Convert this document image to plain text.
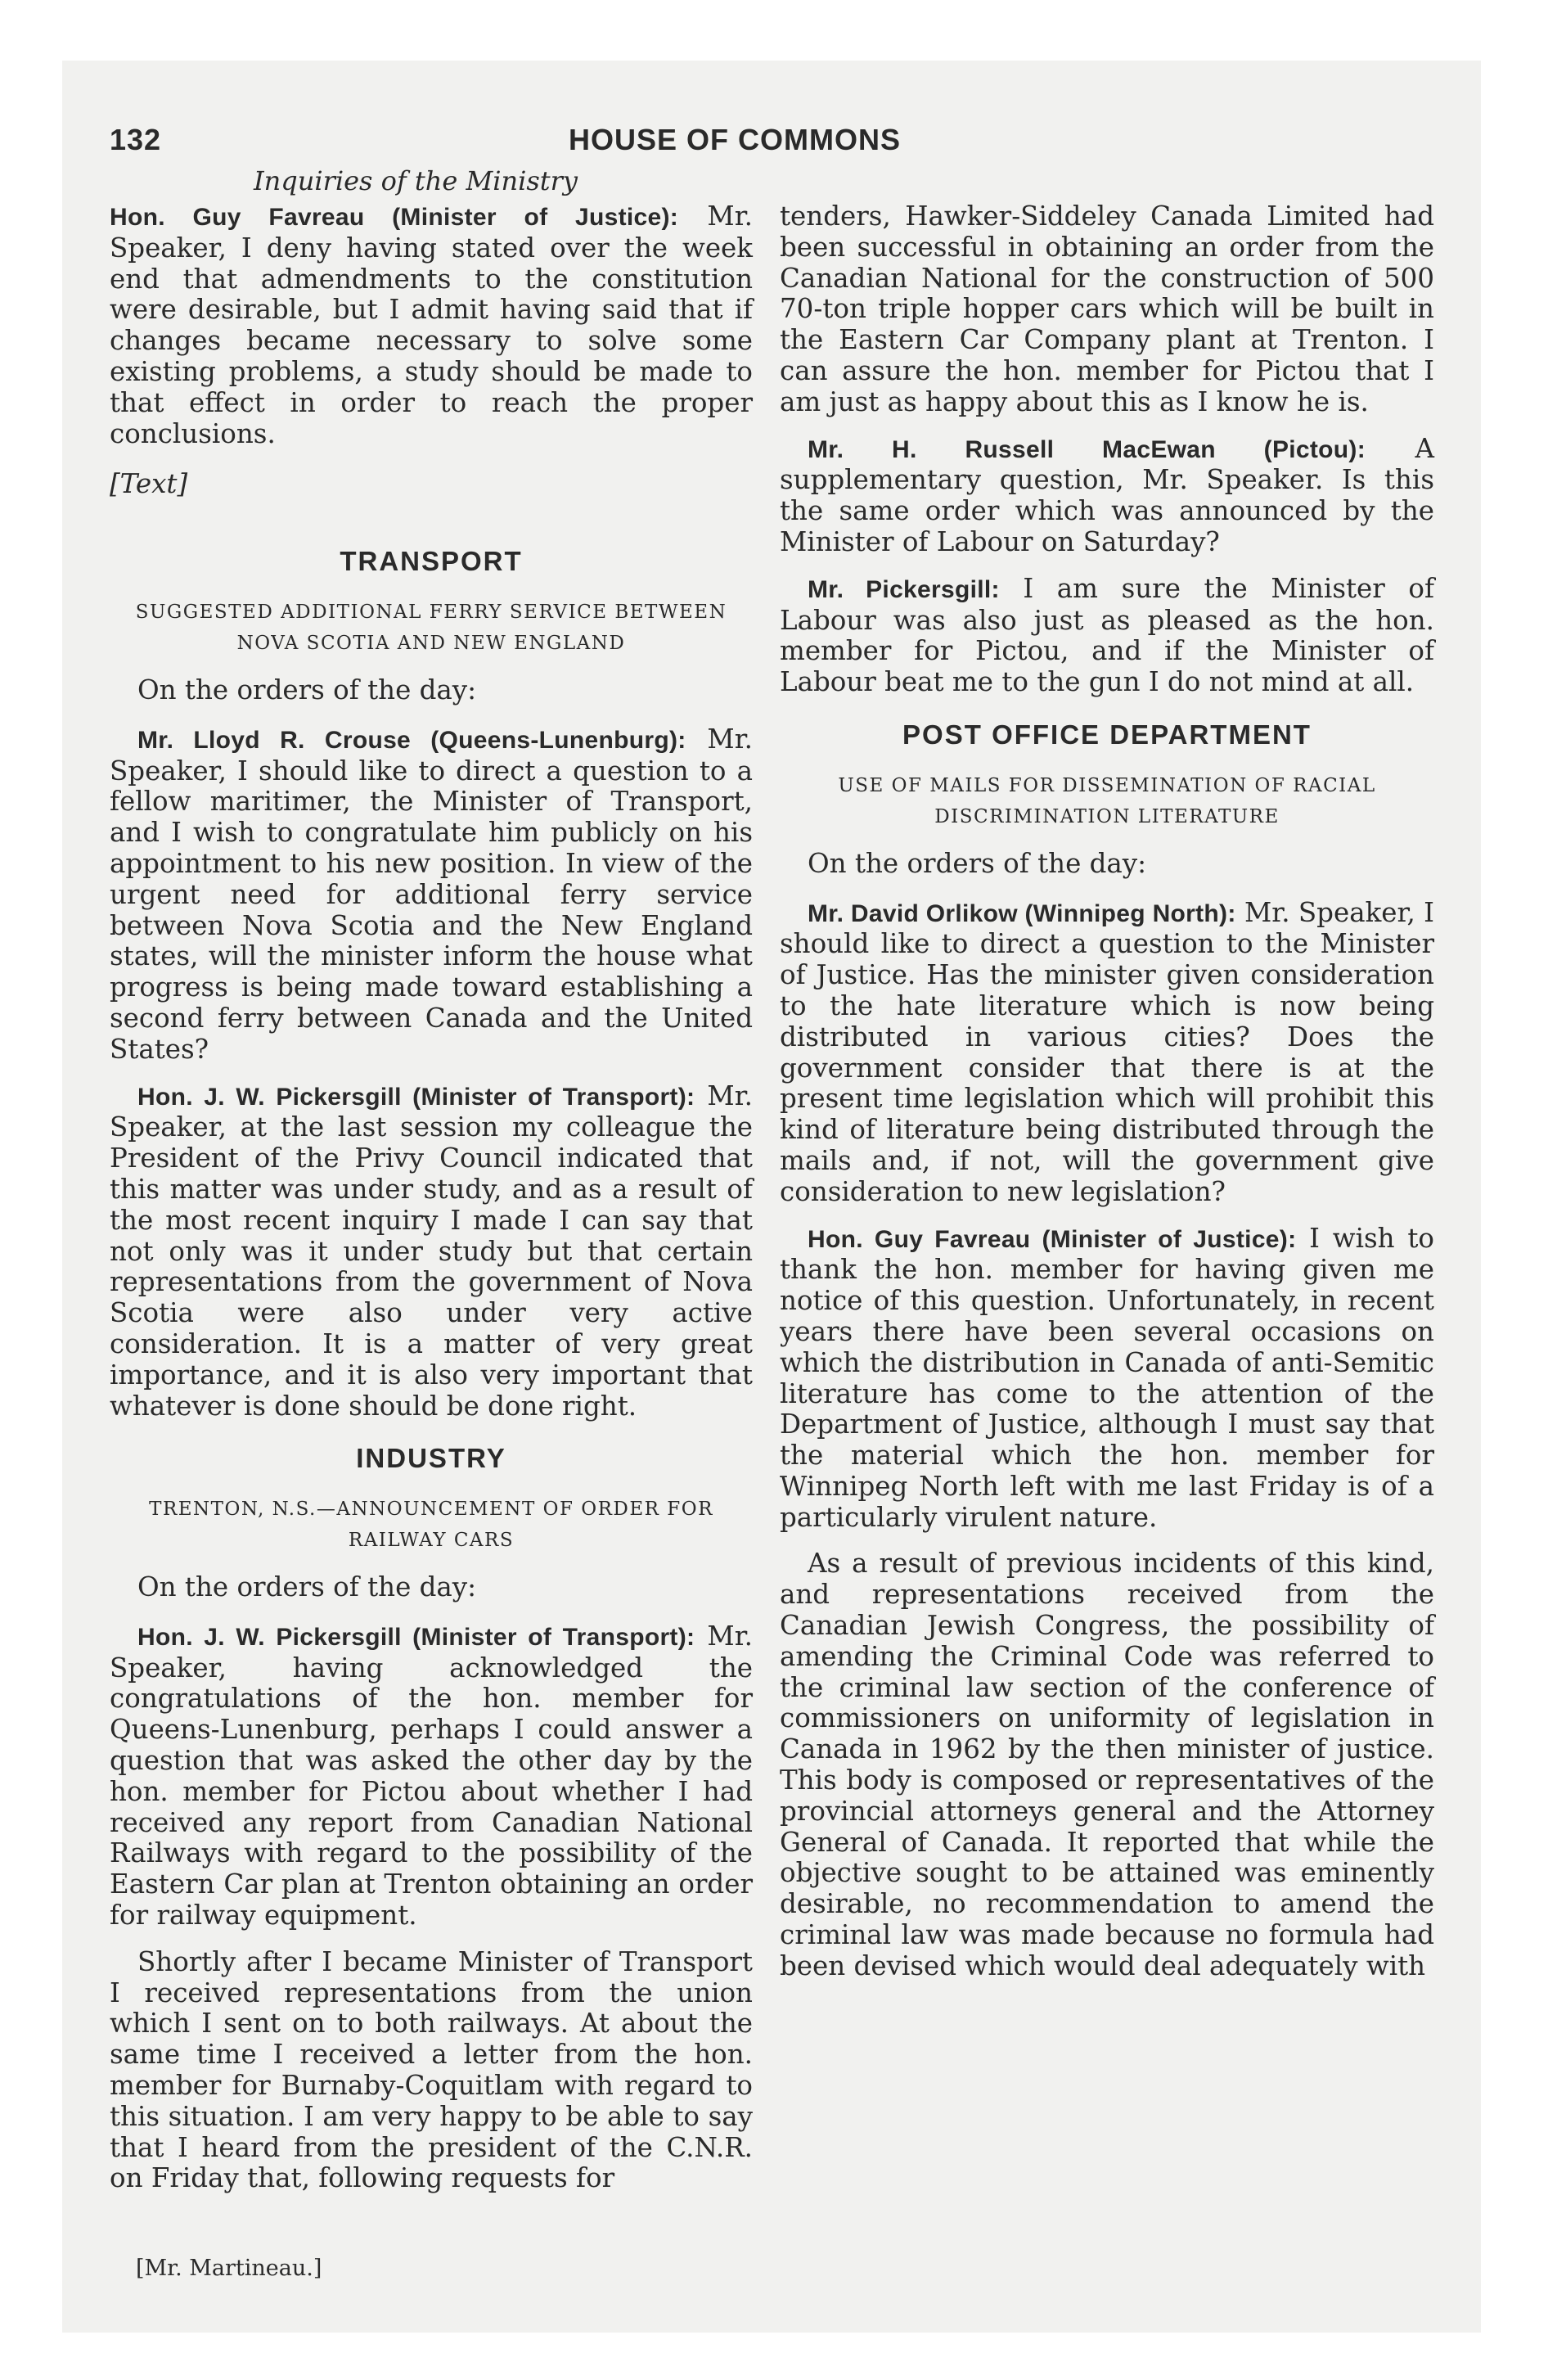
132	HOUSE OF COMMONS
Inquiries of the Ministry

Hon. Guy Favreau (Minister of Justice): Mr. Speaker, I deny having stated over the week end that admendments to the constitution were desirable, but I admit having said that if changes became necessary to solve some existing problems, a study should be made to that effect in order to reach the proper conclusions.

[Text]

TRANSPORT
SUGGESTED ADDITIONAL FERRY SERVICE BETWEEN NOVA SCOTIA AND NEW ENGLAND

On the orders of the day:

Mr. Lloyd R. Crouse (Queens-Lunenburg): Mr. Speaker, I should like to direct a question to a fellow maritimer, the Minister of Transport, and I wish to congratulate him publicly on his appointment to his new position. In view of the urgent need for additional ferry service between Nova Scotia and the New England states, will the minister inform the house what progress is being made toward establishing a second ferry between Canada and the United States?

Hon. J. W. Pickersgill (Minister of Transport): Mr. Speaker, at the last session my colleague the President of the Privy Council indicated that this matter was under study, and as a result of the most recent inquiry I made I can say that not only was it under study but that certain representations from the government of Nova Scotia were also under very active consideration. It is a matter of very great importance, and it is also very important that whatever is done should be done right.

INDUSTRY
TRENTON, N.S.—ANNOUNCEMENT OF ORDER FOR RAILWAY CARS

On the orders of the day:

Hon. J. W. Pickersgill (Minister of Transport): Mr. Speaker, having acknowledged the congratulations of the hon. member for Queens-Lunenburg, perhaps I could answer a question that was asked the other day by the hon. member for Pictou about whether I had received any report from Canadian National Railways with regard to the possibility of the Eastern Car plan at Trenton obtaining an order for railway equipment.

Shortly after I became Minister of Transport I received representations from the union which I sent on to both railways. At about the same time I received a letter from the hon. member for Burnaby-Coquitlam with regard to this situation. I am very happy to be able to say that I heard from the president of the C.N.R. on Friday that, following requests for

tenders, Hawker-Siddeley Canada Limited had been successful in obtaining an order from the Canadian National for the construction of 500 70-ton triple hopper cars which will be built in the Eastern Car Company plant at Trenton. I can assure the hon. member for Pictou that I am just as happy about this as I know he is.

Mr. H. Russell MacEwan (Pictou): A supplementary question, Mr. Speaker. Is this the same order which was announced by the Minister of Labour on Saturday?

Mr. Pickersgill: I am sure the Minister of Labour was also just as pleased as the hon. member for Pictou, and if the Minister of Labour beat me to the gun I do not mind at all.

POST OFFICE DEPARTMENT
USE OF MAILS FOR DISSEMINATION OF RACIAL DISCRIMINATION LITERATURE

On the orders of the day:

Mr. David Orlikow (Winnipeg North): Mr. Speaker, I should like to direct a question to the Minister of Justice. Has the minister given consideration to the hate literature which is now being distributed in various cities? Does the government consider that there is at the present time legislation which will prohibit this kind of literature being distributed through the mails and, if not, will the government give consideration to new legislation?

Hon. Guy Favreau (Minister of Justice): I wish to thank the hon. member for having given me notice of this question. Unfortunately, in recent years there have been several occasions on which the distribution in Canada of anti-Semitic literature has come to the attention of the Department of Justice, although I must say that the material which the hon. member for Winnipeg North left with me last Friday is of a particularly virulent nature.

As a result of previous incidents of this kind, and representations received from the Canadian Jewish Congress, the possibility of amending the Criminal Code was referred to the criminal law section of the conference of commissioners on uniformity of legislation in Canada in 1962 by the then minister of justice. This body is composed or representatives of the provincial attorneys general and the Attorney General of Canada. It reported that while the objective sought to be attained was eminently desirable, no recommendation to amend the criminal law was made because no formula had been devised which would deal adequately with

[Mr. Martineau.]
